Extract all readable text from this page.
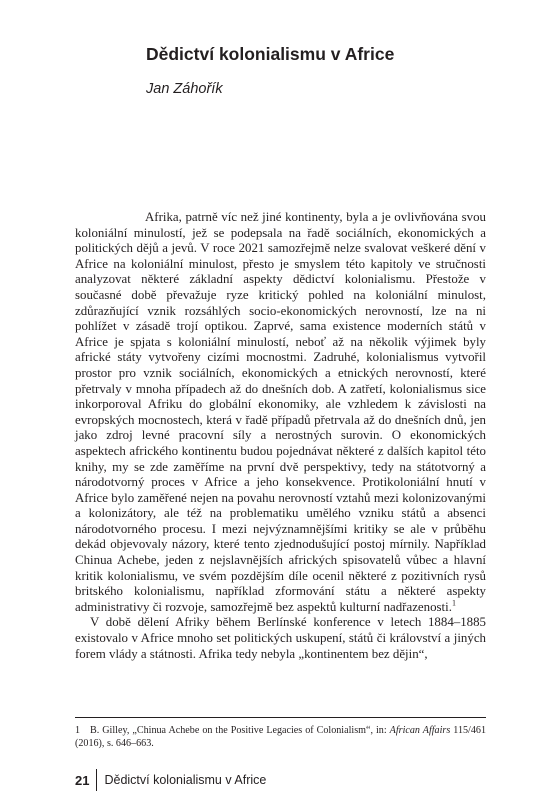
Dědictví kolonialismu v Africe
Jan Záhořík

Afrika, patrně víc než jiné kontinenty, byla a je ovlivňována svou koloniální minulostí, jež se podepsala na řadě sociálních, ekonomických a politických dějů a jevů. V roce 2021 samozřejmě nelze svalovat veškeré dění v Africe na koloniální minulost, přesto je smyslem této kapitoly ve stručnosti analyzovat některé základní aspekty dědictví kolonialismu. Přestože v současné době převažuje ryze kritický pohled na koloniální minulost, zdůrazňující vznik rozsáhlých socio-ekonomických nerovností, lze na ni pohlížet v zásadě trojí optikou. Zaprvé, sama existence moderních států v Africe je spjata s koloniální minulostí, neboť až na několik výjimek byly africké státy vytvořeny cizími mocnostmi. Zadruhé, kolonialismus vytvořil prostor pro vznik sociálních, ekonomických a etnických nerovností, které přetrvaly v mnoha případech až do dnešních dob. A zatřetí, kolonialismus sice inkorporoval Afriku do globální ekonomiky, ale vzhledem k závislosti na evropských mocnostech, která v řadě případů přetrvala až do dnešních dnů, jen jako zdroj levné pracovní síly a nerostných surovin. O ekonomických aspektech afrického kontinentu budou pojednávat některé z dalších kapitol této knihy, my se zde zaměříme na první dvě perspektivy, tedy na státotvorný a národotvorný proces v Africe a jeho konsekvence. Protikoloniální hnutí v Africe bylo zaměřené nejen na povahu nerovností vztahů mezi kolonizovanými a kolonizátory, ale též na problematiku umělého vzniku států a absenci národotvorného procesu. I mezi nejvýznamnějšími kritiky se ale v průběhu dekád objevovaly názory, které tento zjednodušující postoj mírnily. Například Chinua Achebe, jeden z nejslavnějších afrických spisovatelů vůbec a hlavní kritik kolonialismu, ve svém pozdějším díle ocenil některé z pozitivních rysů britského kolonialismu, například zformování státu a některé aspekty administrativy či rozvoje, samozřejmě bez aspektů kulturní nadřazenosti.$^1$

V době dělení Afriky během Berlínské konference v letech 1884–1885 existovalo v Africe mnoho set politických uskupení, států či království a jiných forem vlády a státnosti. Afrika tedy nebyla „kontinentem bez dějin“,

1 B. Gilley, „Chinua Achebe on the Positive Legacies of Colonialism“, in: African Affairs 115/461 (2016), s. 646–663.
21	Dědictví kolonialismu v Africe
